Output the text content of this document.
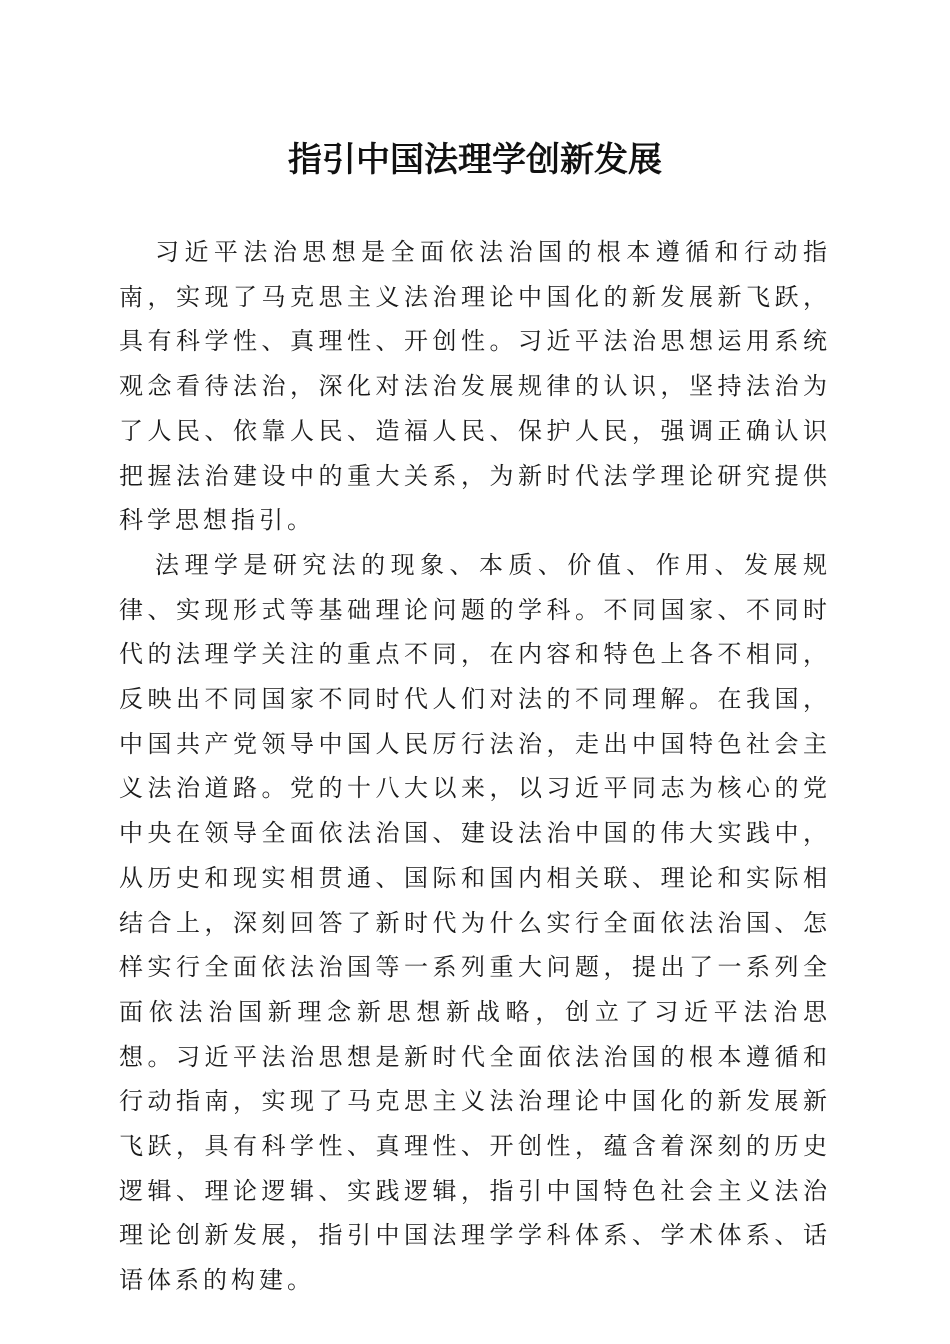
指引中国法理学创新发展

习近平法治思想是全面依法治国的根本遵循和行动指南，实现了马克思主义法治理论中国化的新发展新飞跃，具有科学性、真理性、开创性。习近平法治思想运用系统观念看待法治，深化对法治发展规律的认识，坚持法治为了人民、依靠人民、造福人民、保护人民，强调正确认识把握法治建设中的重大关系，为新时代法学理论研究提供科学思想指引。

法理学是研究法的现象、本质、价值、作用、发展规律、实现形式等基础理论问题的学科。不同国家、不同时代的法理学关注的重点不同，在内容和特色上各不相同，反映出不同国家不同时代人们对法的不同理解。在我国，中国共产党领导中国人民厉行法治，走出中国特色社会主义法治道路。党的十八大以来，以习近平同志为核心的党中央在领导全面依法治国、建设法治中国的伟大实践中，从历史和现实相贯通、国际和国内相关联、理论和实际相结合上，深刻回答了新时代为什么实行全面依法治国、怎样实行全面依法治国等一系列重大问题，提出了一系列全面依法治国新理念新思想新战略，创立了习近平法治思想。习近平法治思想是新时代全面依法治国的根本遵循和行动指南，实现了马克思主义法治理论中国化的新发展新飞跃，具有科学性、真理性、开创性，蕴含着深刻的历史逻辑、理论逻辑、实践逻辑，指引中国特色社会主义法治理论创新发展，指引中国法理学学科体系、学术体系、话语体系的构建。
